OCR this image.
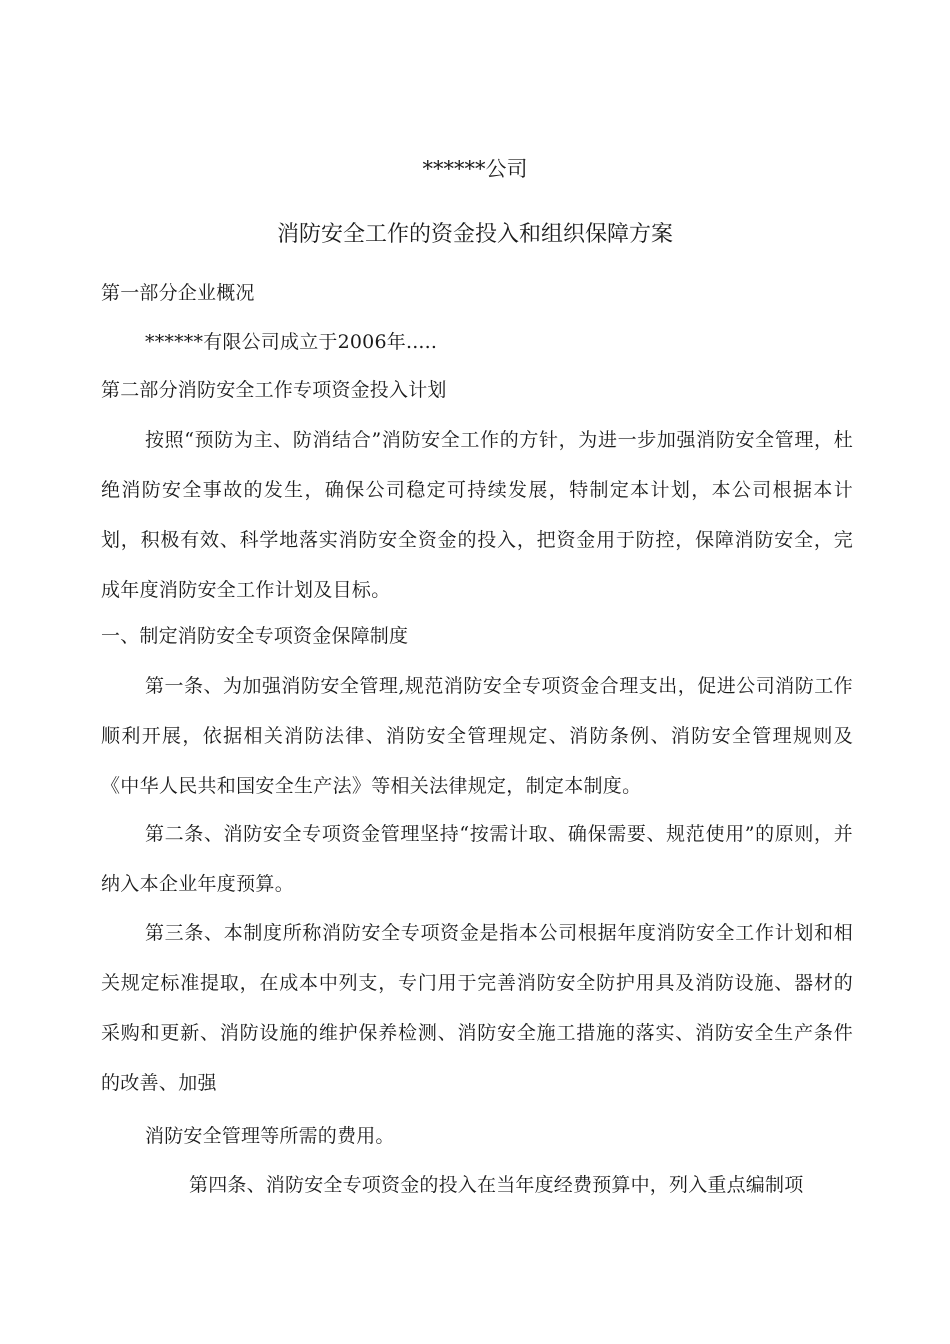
******公司
消防安全工作的资金投入和组织保障方案
第一部分企业概况
******有限公司成立于2006年.....
第二部分消防安全工作专项资金投入计划
按照“预防为主、防消结合”消防安全工作的方针，为进一步加强消防安全管理，杜绝消防安全事故的发生，确保公司稳定可持续发展，特制定本计划，本公司根据本计划，积极有效、科学地落实消防安全资金的投入，把资金用于防控，保障消防安全，完成年度消防安全工作计划及目标。
一、制定消防安全专项资金保障制度
第一条、为加强消防安全管理,规范消防安全专项资金合理支出，促进公司消防工作顺利开展，依据相关消防法律、消防安全管理规定、消防条例、消防安全管理规则及《中华人民共和国安全生产法》等相关法律规定，制定本制度。
第二条、消防安全专项资金管理坚持“按需计取、确保需要、规范使用”的原则，并纳入本企业年度预算。
第三条、本制度所称消防安全专项资金是指本公司根据年度消防安全工作计划和相关规定标准提取，在成本中列支，专门用于完善消防安全防护用具及消防设施、器材的采购和更新、消防设施的维护保养检测、消防安全施工措施的落实、消防安全生产条件的改善、加强
消防安全管理等所需的费用。
第四条、消防安全专项资金的投入在当年度经费预算中，列入重点编制项
